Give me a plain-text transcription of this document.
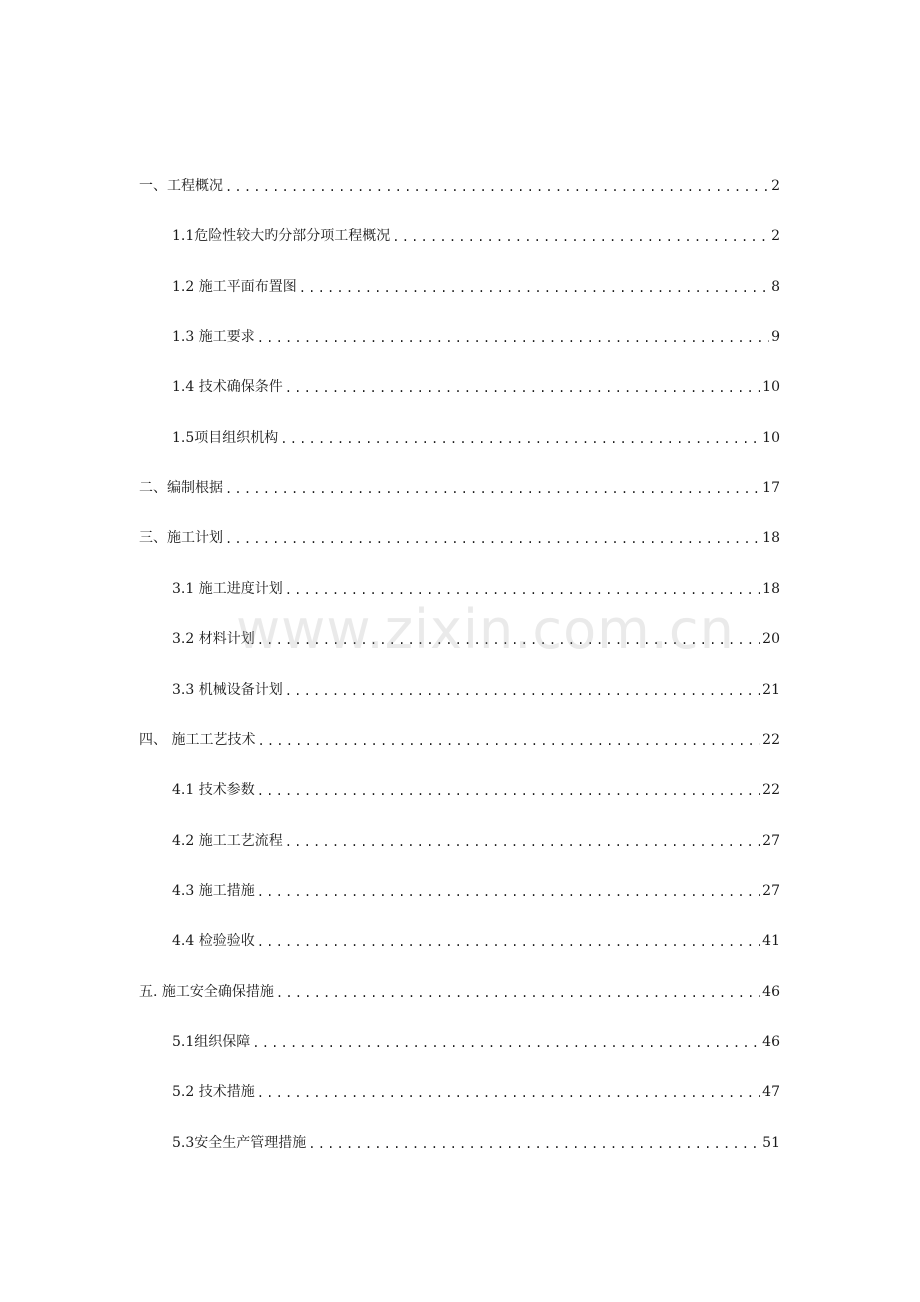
一、工程概况 .....	2
1.1危险性较大旳分部分项工程概况 .....	2
1.2 施工平面布置图 .....	8
1.3 施工要求 .....	9
1.4 技术确保条件 .....	10
1.5项目组织机构 .....	10
二、编制根据 .....	17
三、施工计划 .....	18
3.1 施工进度计划 .....	18
3.2 材料计划 .....	20
3.3 机械设备计划 .....	21
四、 施工工艺技术 .....	22
4.1 技术参数 .....	22
4.2 施工工艺流程 .....	27
4.3 施工措施 .....	27
4.4 检验验收 .....	41
五. 施工安全确保措施 .....	46
5.1组织保障 .....	46
5.2 技术措施 .....	47
5.3安全生产管理措施 .....	51
www.zixin.com.cn
